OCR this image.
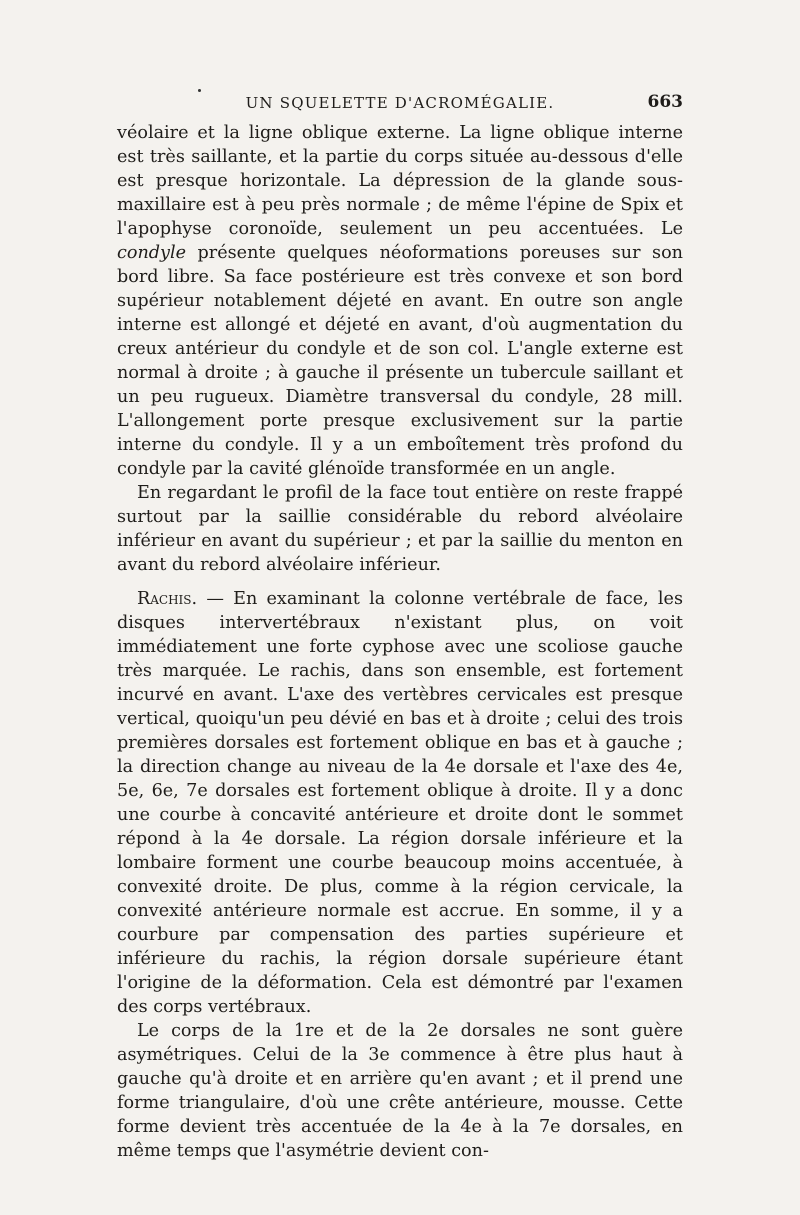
UN SQUELETTE D'ACROMÉGALIE.	663

véolaire et la ligne oblique externe. La ligne oblique interne est très saillante, et la partie du corps située au-dessous d'elle est presque horizontale. La dépression de la glande sous-maxillaire est à peu près normale ; de même l'épine de Spix et l'apophyse coronoïde, seulement un peu accentuées. Le condyle présente quelques néoformations poreuses sur son bord libre. Sa face postérieure est très convexe et son bord supérieur notablement déjeté en avant. En outre son angle interne est allongé et déjeté en avant, d'où augmentation du creux antérieur du condyle et de son col. L'angle externe est normal à droite ; à gauche il présente un tubercule saillant et un peu rugueux. Diamètre transversal du condyle, 28 mill. L'allongement porte presque exclusivement sur la partie interne du condyle. Il y a un emboîtement très profond du condyle par la cavité glénoïde transformée en un angle.

En regardant le profil de la face tout entière on reste frappé surtout par la saillie considérable du rebord alvéolaire inférieur en avant du supérieur ; et par la saillie du menton en avant du rebord alvéolaire inférieur.

Rachis. — En examinant la colonne vertébrale de face, les disques intervertébraux n'existant plus, on voit immédiatement une forte cyphose avec une scoliose gauche très marquée. Le rachis, dans son ensemble, est fortement incurvé en avant. L'axe des vertèbres cervicales est presque vertical, quoiqu'un peu dévié en bas et à droite ; celui des trois premières dorsales est fortement oblique en bas et à gauche ; la direction change au niveau de la 4e dorsale et l'axe des 4e, 5e, 6e, 7e dorsales est fortement oblique à droite. Il y a donc une courbe à concavité antérieure et droite dont le sommet répond à la 4e dorsale. La région dorsale inférieure et la lombaire forment une courbe beaucoup moins accentuée, à convexité droite. De plus, comme à la région cervicale, la convexité antérieure normale est accrue. En somme, il y a courbure par compensation des parties supérieure et inférieure du rachis, la région dorsale supérieure étant l'origine de la déformation. Cela est démontré par l'examen des corps vertébraux.

Le corps de la 1re et de la 2e dorsales ne sont guère asymétriques. Celui de la 3e commence à être plus haut à gauche qu'à droite et en arrière qu'en avant ; et il prend une forme triangulaire, d'où une crête antérieure, mousse. Cette forme devient très accentuée de la 4e à la 7e dorsales, en même temps que l'asymétrie devient con-
